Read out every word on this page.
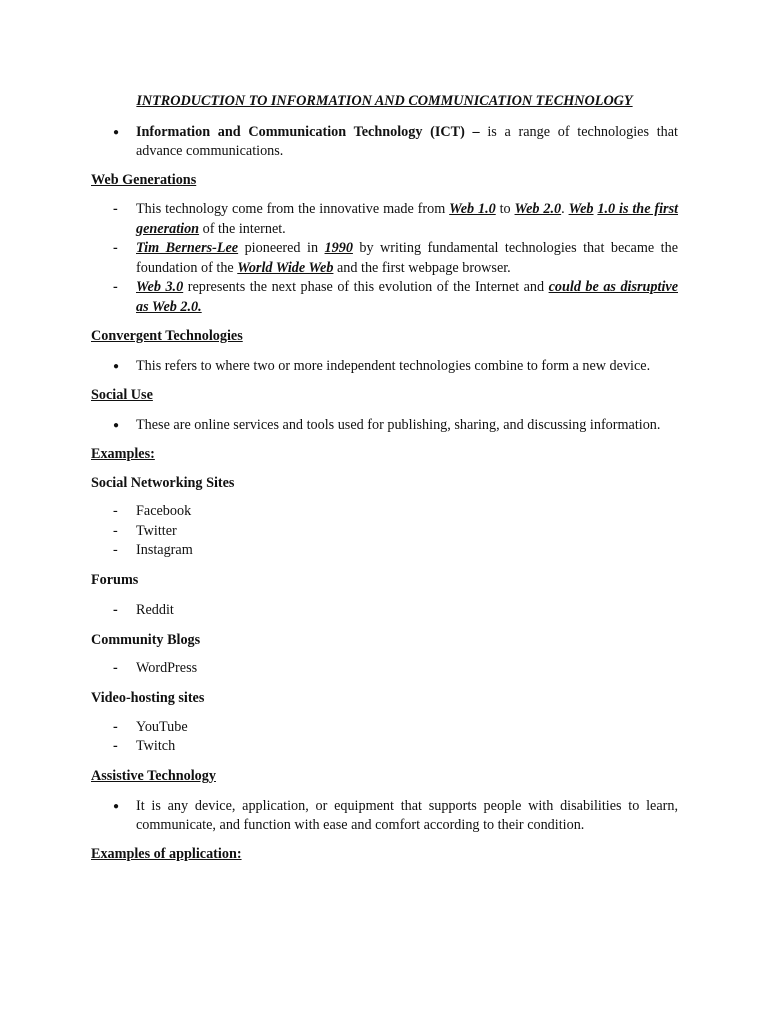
INTRODUCTION TO INFORMATION AND COMMUNICATION TECHNOLOGY

● Information and Communication Technology (ICT) – is a range of technologies that advance communications.

Web Generations

- This technology come from the innovative made from Web 1.0 to Web 2.0. Web 1.0 is the first generation of the internet.
- Tim Berners-Lee pioneered in 1990 by writing fundamental technologies that became the foundation of the World Wide Web and the first webpage browser.
- Web 3.0 represents the next phase of this evolution of the Internet and could be as disruptive as Web 2.0.

Convergent Technologies

● This refers to where two or more independent technologies combine to form a new device.

Social Use

● These are online services and tools used for publishing, sharing, and discussing information.

Examples:

Social Networking Sites

- Facebook
- Twitter
- Instagram

Forums

- Reddit

Community Blogs

- WordPress

Video-hosting sites

- YouTube
- Twitch

Assistive Technology

● It is any device, application, or equipment that supports people with disabilities to learn, communicate, and function with ease and comfort according to their condition.

Examples of application:
